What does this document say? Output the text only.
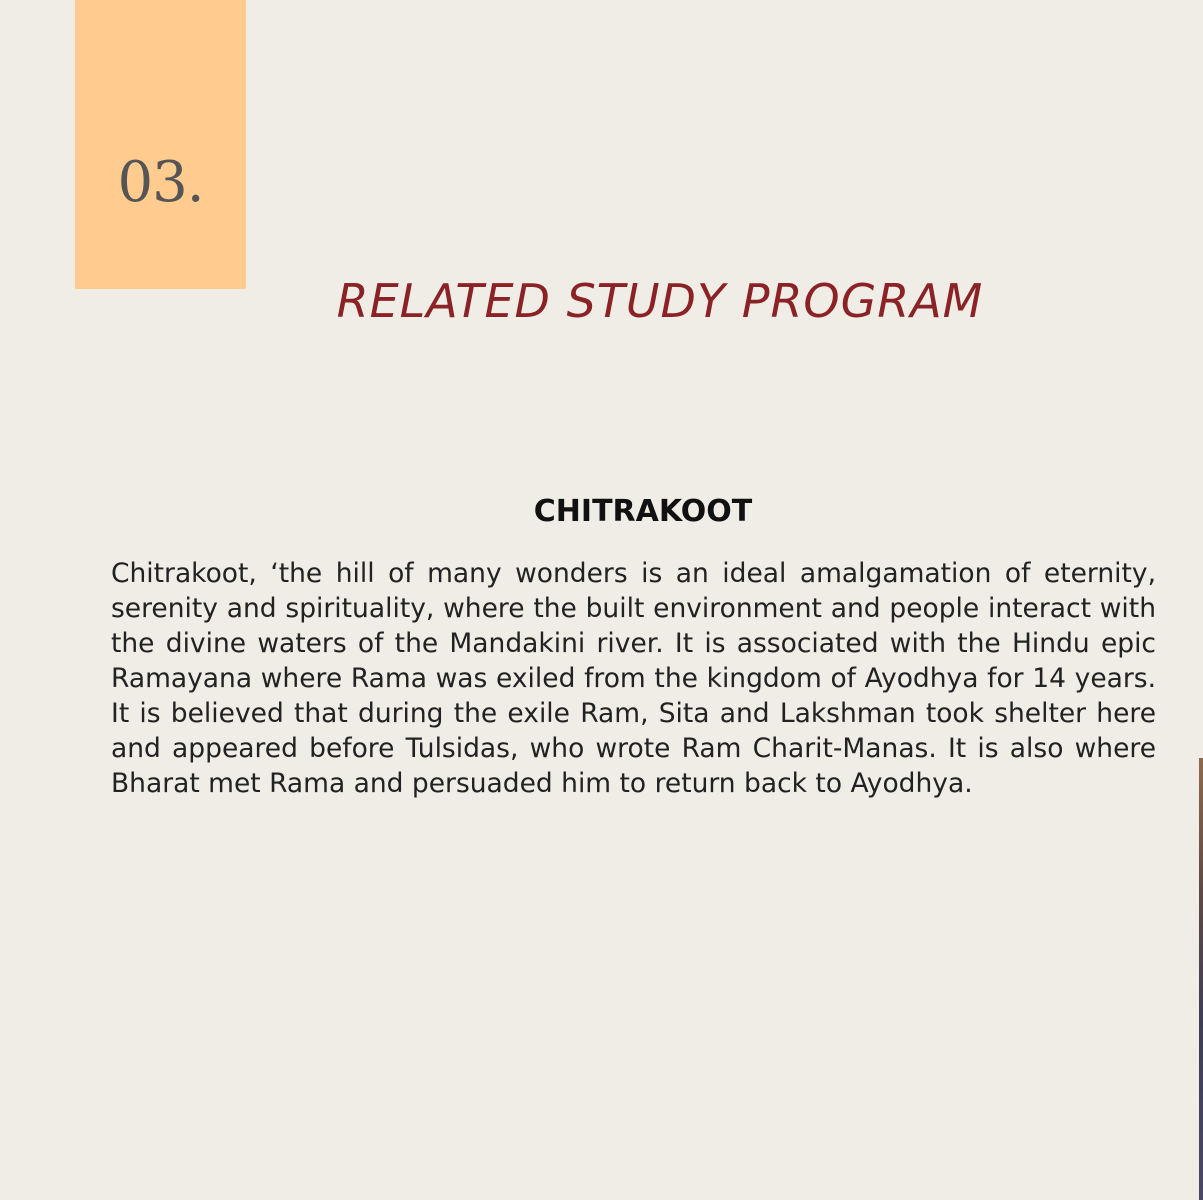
03.
RELATED STUDY PROGRAM
CHITRAKOOT

Chitrakoot, ‘the hill of many wonders is an ideal amalgamation of eternity, serenity and spirituality, where the built environment and people interact with the divine waters of the Mandakini river. It is associated with the Hindu epic Ramayana where Rama was exiled from the kingdom of Ayodhya for 14 years. It is believed that during the exile Ram, Sita and Lakshman took shelter here and appeared before Tulsidas, who wrote Ram Charit-Manas. It is also where Bharat met Rama and persuaded him to return back to Ayodhya.
